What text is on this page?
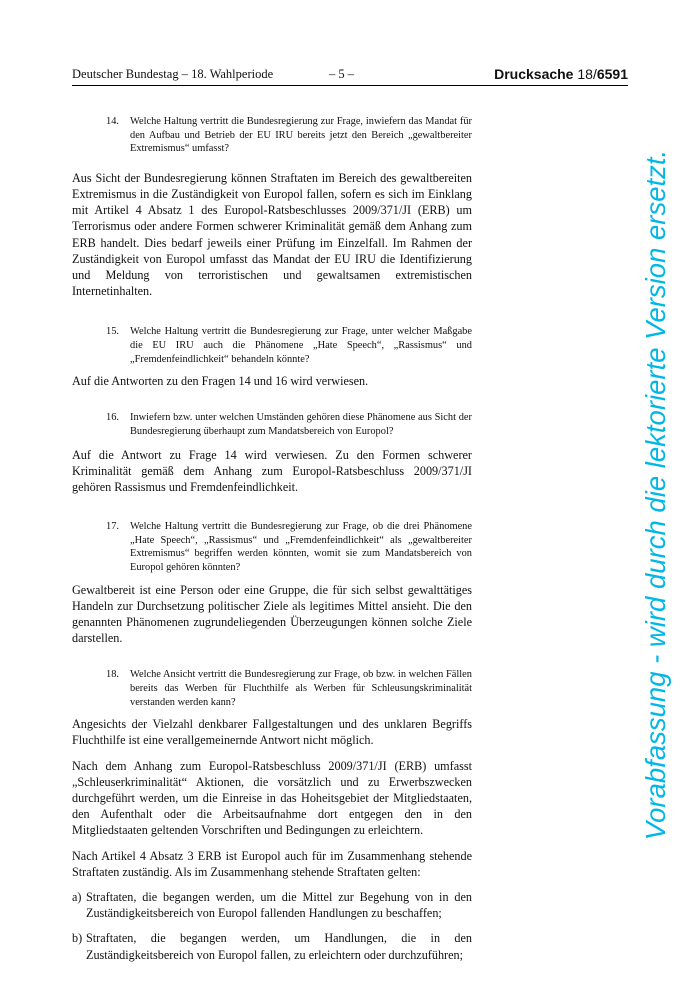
Deutscher Bundestag – 18. Wahlperiode	– 5 –	Drucksache 18/6591
14.	Welche Haltung vertritt die Bundesregierung zur Frage, inwiefern das Mandat für den Aufbau und Betrieb der EU IRU bereits jetzt den Bereich „gewaltbereiter Extremismus“ umfasst?

Aus Sicht der Bundesregierung können Straftaten im Bereich des gewaltbereiten Extremismus in die Zuständigkeit von Europol fallen, sofern es sich im Einklang mit Artikel 4 Absatz 1 des Europol-Ratsbeschlusses 2009/371/JI (ERB) um Terrorismus oder andere Formen schwerer Kriminalität gemäß dem Anhang zum ERB handelt. Dies bedarf jeweils einer Prüfung im Einzelfall. Im Rahmen der Zuständigkeit von Europol umfasst das Mandat der EU IRU die Identifizierung und Meldung von terroristischen und gewaltsamen extremistischen Internetinhalten.

15.	Welche Haltung vertritt die Bundesregierung zur Frage, unter welcher Maßgabe die EU IRU auch die Phänomene „Hate Speech“, „Rassismus“ und „Fremdenfeindlichkeit“ behandeln könnte?

Auf die Antworten zu den Fragen 14 und 16 wird verwiesen.

16.	Inwiefern bzw. unter welchen Umständen gehören diese Phänomene aus Sicht der Bundesregierung überhaupt zum Mandatsbereich von Europol?

Auf die Antwort zu Frage 14 wird verwiesen. Zu den Formen schwerer Kriminalität gemäß dem Anhang zum Europol-Ratsbeschluss 2009/371/JI gehören Rassismus und Fremdenfeindlichkeit.

17.	Welche Haltung vertritt die Bundesregierung zur Frage, ob die drei Phänomene „Hate Speech“, „Rassismus“ und „Fremdenfeindlichkeit“ als „gewaltbereiter Extremismus“ begriffen werden könnten, womit sie zum Mandatsbereich von Europol gehören könnten?

Gewaltbereit ist eine Person oder eine Gruppe, die für sich selbst gewalttätiges Handeln zur Durchsetzung politischer Ziele als legitimes Mittel ansieht. Die den genannten Phänomenen zugrundeliegenden Überzeugungen können solche Ziele darstellen.

18.	Welche Ansicht vertritt die Bundesregierung zur Frage, ob bzw. in welchen Fällen bereits das Werben für Fluchthilfe als Werben für Schleusungskriminalität verstanden werden kann?

Angesichts der Vielzahl denkbarer Fallgestaltungen und des unklaren Begriffs Fluchthilfe ist eine verallgemeinernde Antwort nicht möglich.

Nach dem Anhang zum Europol-Ratsbeschluss 2009/371/JI (ERB) umfasst „Schleuserkriminalität“ Aktionen, die vorsätzlich und zu Erwerbszwecken durchgeführt werden, um die Einreise in das Hoheitsgebiet der Mitgliedstaaten, den Aufenthalt oder die Arbeitsaufnahme dort entgegen den in den Mitgliedstaaten geltenden Vorschriften und Bedingungen zu erleichtern.

Nach Artikel 4 Absatz 3 ERB ist Europol auch für im Zusammenhang stehende Straftaten zuständig. Als im Zusammenhang stehende Straftaten gelten:

a) Straftaten, die begangen werden, um die Mittel zur Begehung von in den Zuständigkeitsbereich von Europol fallenden Handlungen zu beschaffen;
b) Straftaten, die begangen werden, um Handlungen, die in den Zuständigkeitsbereich von Europol fallen, zu erleichtern oder durchzuführen;
Vorabfassung - wird durch die lektorierte Version ersetzt.
